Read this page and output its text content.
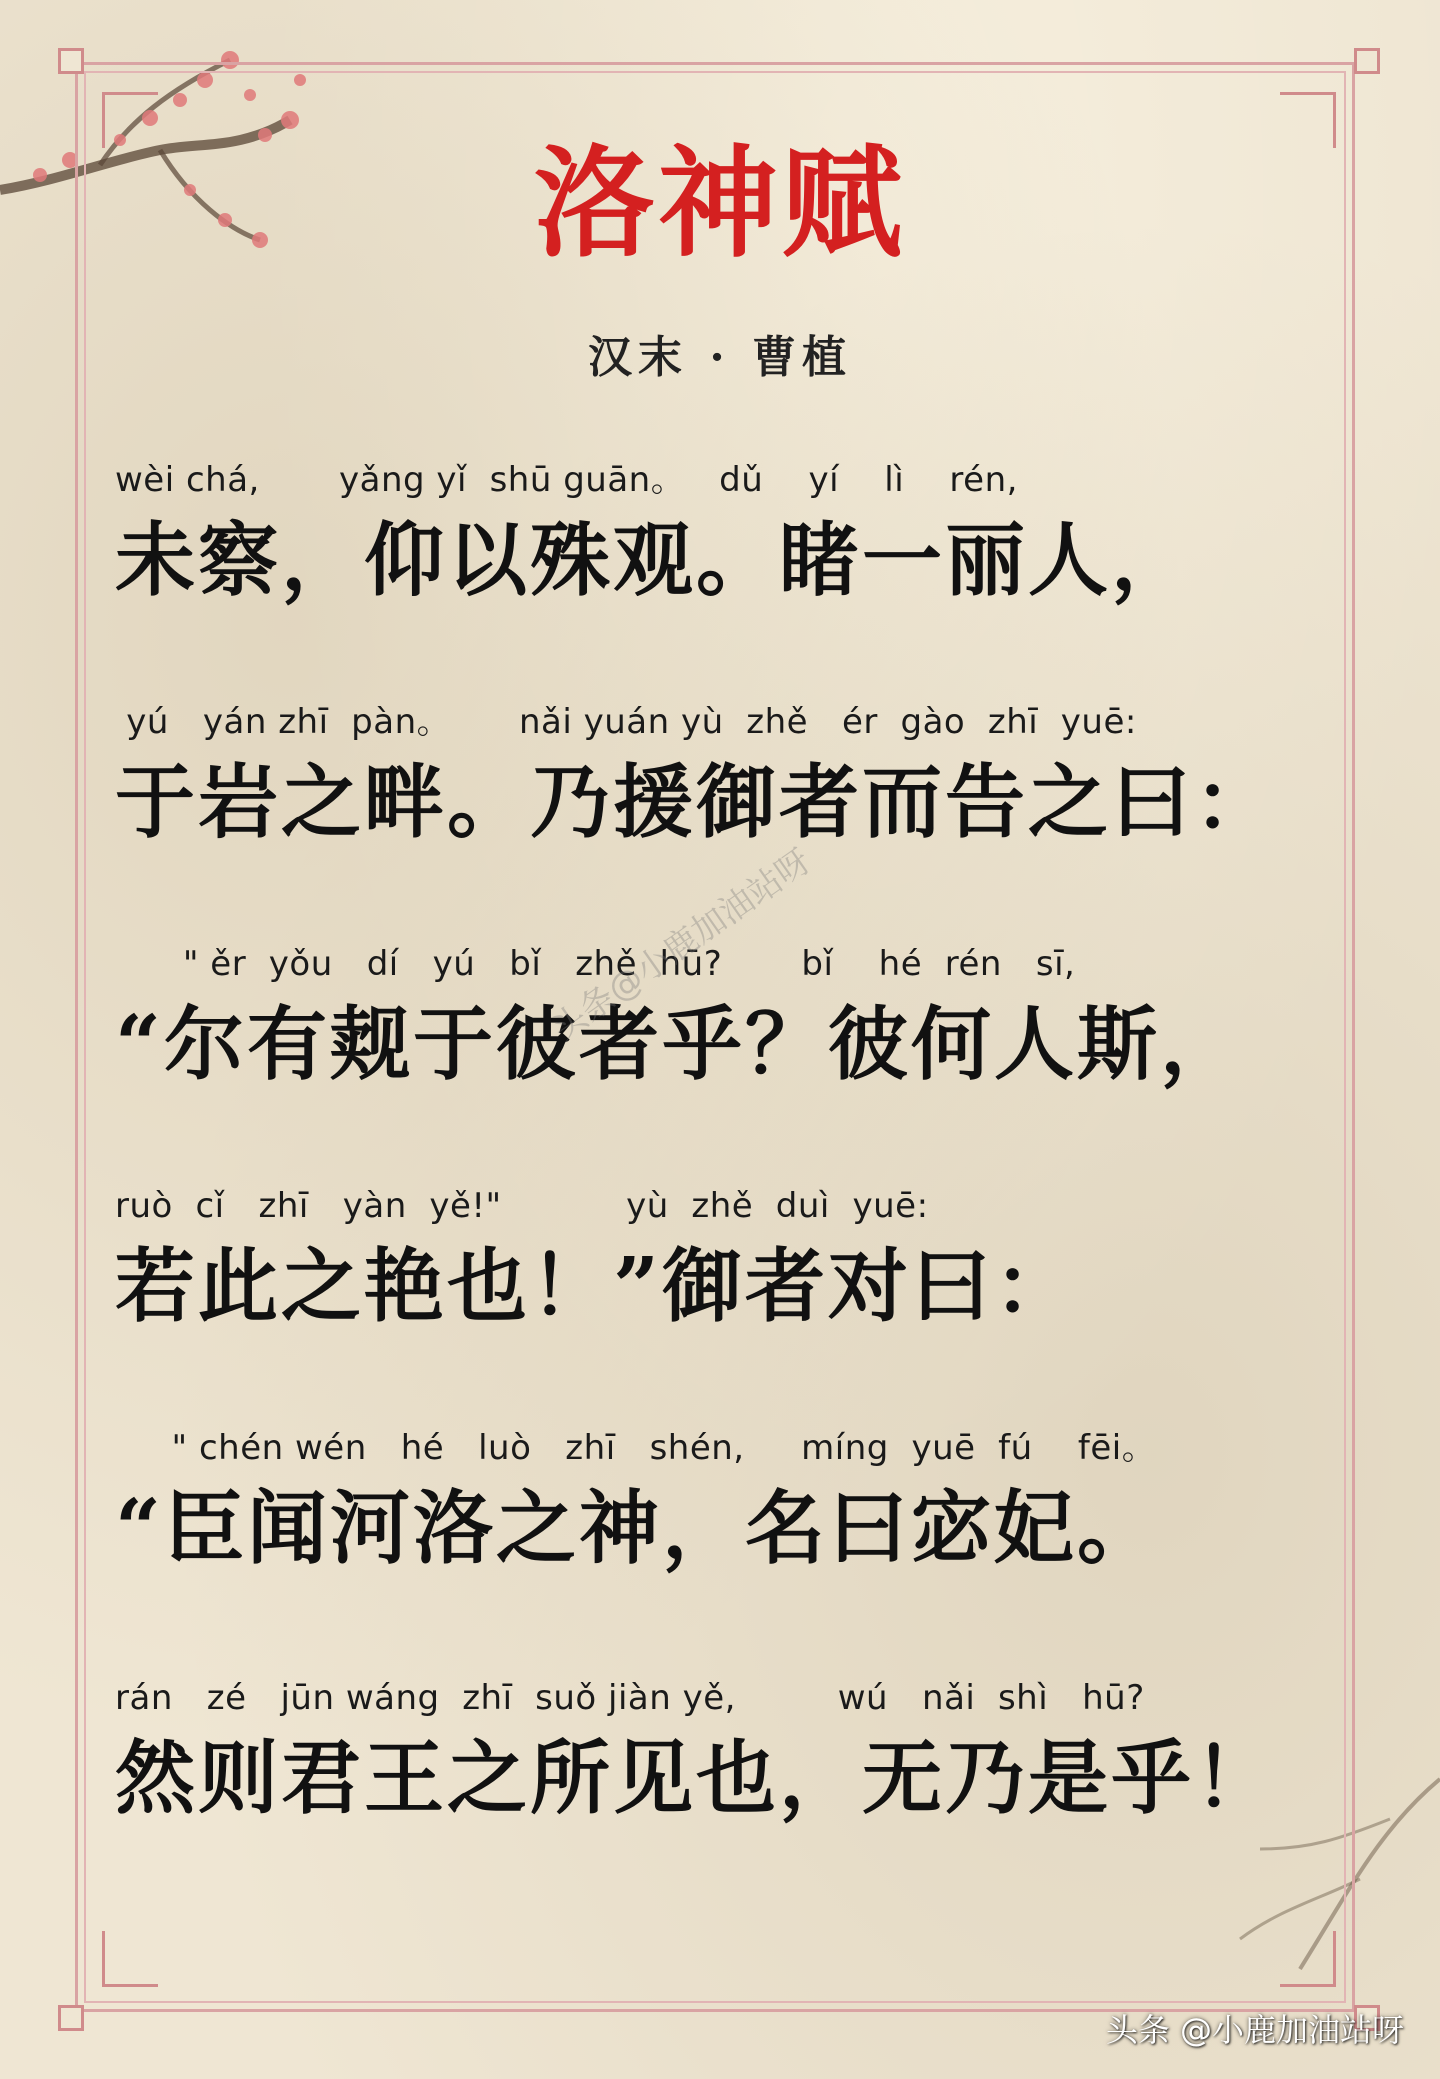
洛神赋
汉末 · 曹植
wèi chá,       yǎng yǐ  shū guān。   dǔ    yí    lì    rén,
未察，仰以殊观。睹一丽人，
yú   yán zhī  pàn。      nǎi yuán yù  zhě   ér  gào  zhī  yuē:
于岩之畔。乃援御者而告之曰：
" ěr  yǒu   dí   yú   bǐ   zhě  hū?       bǐ    hé  rén   sī,
“尔有觌于彼者乎？彼何人斯，
ruò  cǐ   zhī   yàn  yě!"           yù  zhě  duì  yuē:
若此之艳也！”御者对曰：
" chén wén   hé   luò   zhī   shén,     míng  yuē  fú    fēi。
“臣闻河洛之神，名曰宓妃。
rán   zé   jūn wáng  zhī  suǒ jiàn yě,         wú   nǎi  shì   hū?
然则君王之所见也，无乃是乎！
头条@小鹿加油站呀
头条 @小鹿加油站呀
